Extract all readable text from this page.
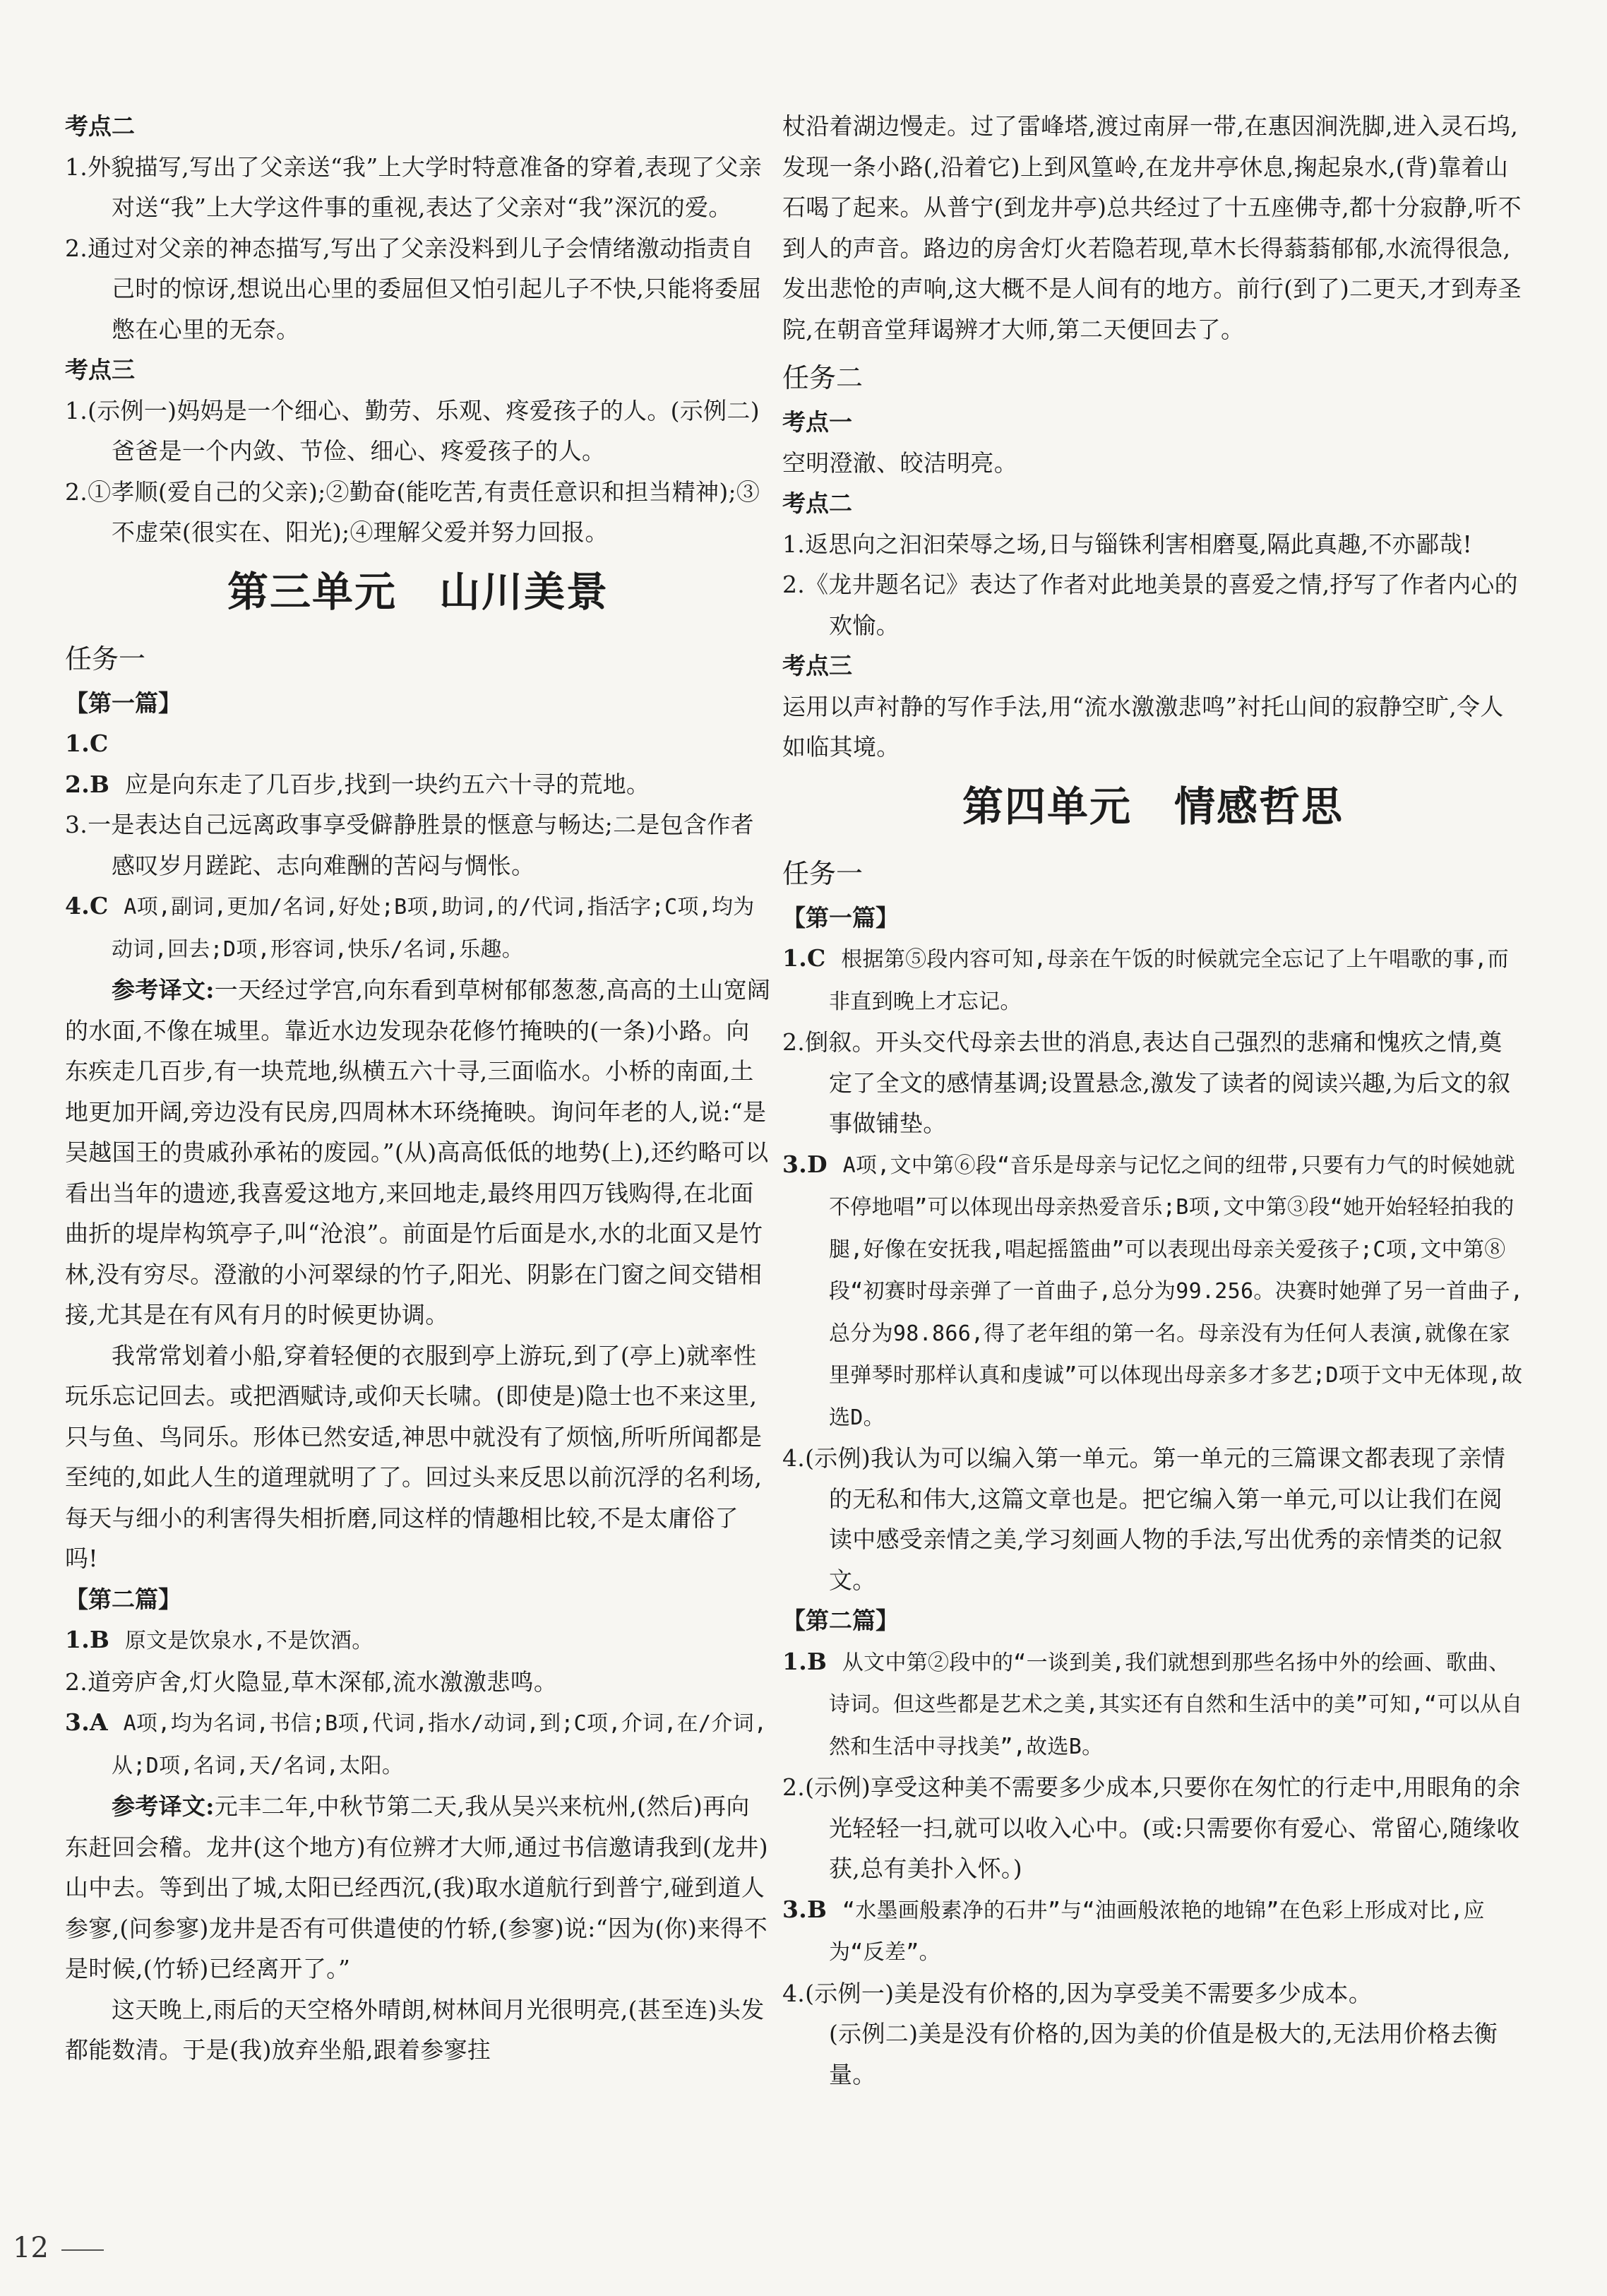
考点二

1.外貌描写,写出了父亲送“我”上大学时特意准备的穿着,表现了父亲对送“我”上大学这件事的重视,表达了父亲对“我”深沉的爱。

2.通过对父亲的神态描写,写出了父亲没料到儿子会情绪激动指责自己时的惊讶,想说出心里的委屈但又怕引起儿子不快,只能将委屈憋在心里的无奈。

考点三

1.(示例一)妈妈是一个细心、勤劳、乐观、疼爱孩子的人。(示例二)爸爸是一个内敛、节俭、细心、疼爱孩子的人。

2.①孝顺(爱自己的父亲);②勤奋(能吃苦,有责任意识和担当精神);③不虚荣(很实在、阳光);④理解父爱并努力回报。

第三单元 山川美景

任务一

【第一篇】

1.C

2.B 应是向东走了几百步,找到一块约五六十寻的荒地。

3.一是表达自己远离政事享受僻静胜景的惬意与畅达;二是包含作者感叹岁月蹉跎、志向难酬的苦闷与惆怅。

4.C A项,副词,更加/名词,好处;B项,助词,的/代词,指活字;C项,均为动词,回去;D项,形容词,快乐/名词,乐趣。

参考译文:一天经过学宫,向东看到草树郁郁葱葱,高高的土山宽阔的水面,不像在城里。靠近水边发现杂花修竹掩映的(一条)小路。向东疾走几百步,有一块荒地,纵横五六十寻,三面临水。小桥的南面,土地更加开阔,旁边没有民房,四周林木环绕掩映。询问年老的人,说:“是吴越国王的贵戚孙承祐的废园。”(从)高高低低的地势(上),还约略可以看出当年的遗迹,我喜爱这地方,来回地走,最终用四万钱购得,在北面曲折的堤岸构筑亭子,叫“沧浪”。前面是竹后面是水,水的北面又是竹林,没有穷尽。澄澈的小河翠绿的竹子,阳光、阴影在门窗之间交错相接,尤其是在有风有月的时候更协调。

我常常划着小船,穿着轻便的衣服到亭上游玩,到了(亭上)就率性玩乐忘记回去。或把酒赋诗,或仰天长啸。(即使是)隐士也不来这里,只与鱼、鸟同乐。形体已然安适,神思中就没有了烦恼,所听所闻都是至纯的,如此人生的道理就明了了。回过头来反思以前沉浮的名利场,每天与细小的利害得失相折磨,同这样的情趣相比较,不是太庸俗了吗!

【第二篇】

1.B 原文是饮泉水,不是饮酒。

2.道旁庐舍,灯火隐显,草木深郁,流水激激悲鸣。

3.A A项,均为名词,书信;B项,代词,指水/动词,到;C项,介词,在/介词,从;D项,名词,天/名词,太阳。

参考译文:元丰二年,中秋节第二天,我从吴兴来杭州,(然后)再向东赶回会稽。龙井(这个地方)有位辨才大师,通过书信邀请我到(龙井)山中去。等到出了城,太阳已经西沉,(我)取水道航行到普宁,碰到道人参寥,(问参寥)龙井是否有可供遣使的竹轿,(参寥)说:“因为(你)来得不是时候,(竹轿)已经离开了。”

这天晚上,雨后的天空格外晴朗,树林间月光很明亮,(甚至连)头发都能数清。于是(我)放弃坐船,跟着参寥拄

杖沿着湖边慢走。过了雷峰塔,渡过南屏一带,在惠因涧洗脚,进入灵石坞,发现一条小路(,沿着它)上到风篁岭,在龙井亭休息,掬起泉水,(背)靠着山石喝了起来。从普宁(到龙井亭)总共经过了十五座佛寺,都十分寂静,听不到人的声音。路边的房舍灯火若隐若现,草木长得蓊蓊郁郁,水流得很急,发出悲怆的声响,这大概不是人间有的地方。前行(到了)二更天,才到寿圣院,在朝音堂拜谒辨才大师,第二天便回去了。

任务二

考点一

空明澄澈、皎洁明亮。

考点二

1.返思向之汩汩荣辱之场,日与锱铢利害相磨戛,隔此真趣,不亦鄙哉!

2.《龙井题名记》表达了作者对此地美景的喜爱之情,抒写了作者内心的欢愉。

考点三

运用以声衬静的写作手法,用“流水激激悲鸣”衬托山间的寂静空旷,令人如临其境。

第四单元 情感哲思

任务一

【第一篇】

1.C 根据第⑤段内容可知,母亲在午饭的时候就完全忘记了上午唱歌的事,而非直到晚上才忘记。

2.倒叙。开头交代母亲去世的消息,表达自己强烈的悲痛和愧疚之情,奠定了全文的感情基调;设置悬念,激发了读者的阅读兴趣,为后文的叙事做铺垫。

3.D A项,文中第⑥段“音乐是母亲与记忆之间的纽带,只要有力气的时候她就不停地唱”可以体现出母亲热爱音乐;B项,文中第③段“她开始轻轻拍我的腿,好像在安抚我,唱起摇篮曲”可以表现出母亲关爱孩子;C项,文中第⑧段“初赛时母亲弹了一首曲子,总分为99.256。决赛时她弹了另一首曲子,总分为98.866,得了老年组的第一名。母亲没有为任何人表演,就像在家里弹琴时那样认真和虔诚”可以体现出母亲多才多艺;D项于文中无体现,故选D。

4.(示例)我认为可以编入第一单元。第一单元的三篇课文都表现了亲情的无私和伟大,这篇文章也是。把它编入第一单元,可以让我们在阅读中感受亲情之美,学习刻画人物的手法,写出优秀的亲情类的记叙文。

【第二篇】

1.B 从文中第②段中的“一谈到美,我们就想到那些名扬中外的绘画、歌曲、诗词。但这些都是艺术之美,其实还有自然和生活中的美”可知,“可以从自然和生活中寻找美”,故选B。

2.(示例)享受这种美不需要多少成本,只要你在匆忙的行走中,用眼角的余光轻轻一扫,就可以收入心中。(或:只需要你有爱心、常留心,随缘收获,总有美扑入怀。)

3.B “水墨画般素净的石井”与“油画般浓艳的地锦”在色彩上形成对比,应为“反差”。

4.(示例一)美是没有价格的,因为享受美不需要多少成本。

(示例二)美是没有价格的,因为美的价值是极大的,无法用价格去衡量。

12
